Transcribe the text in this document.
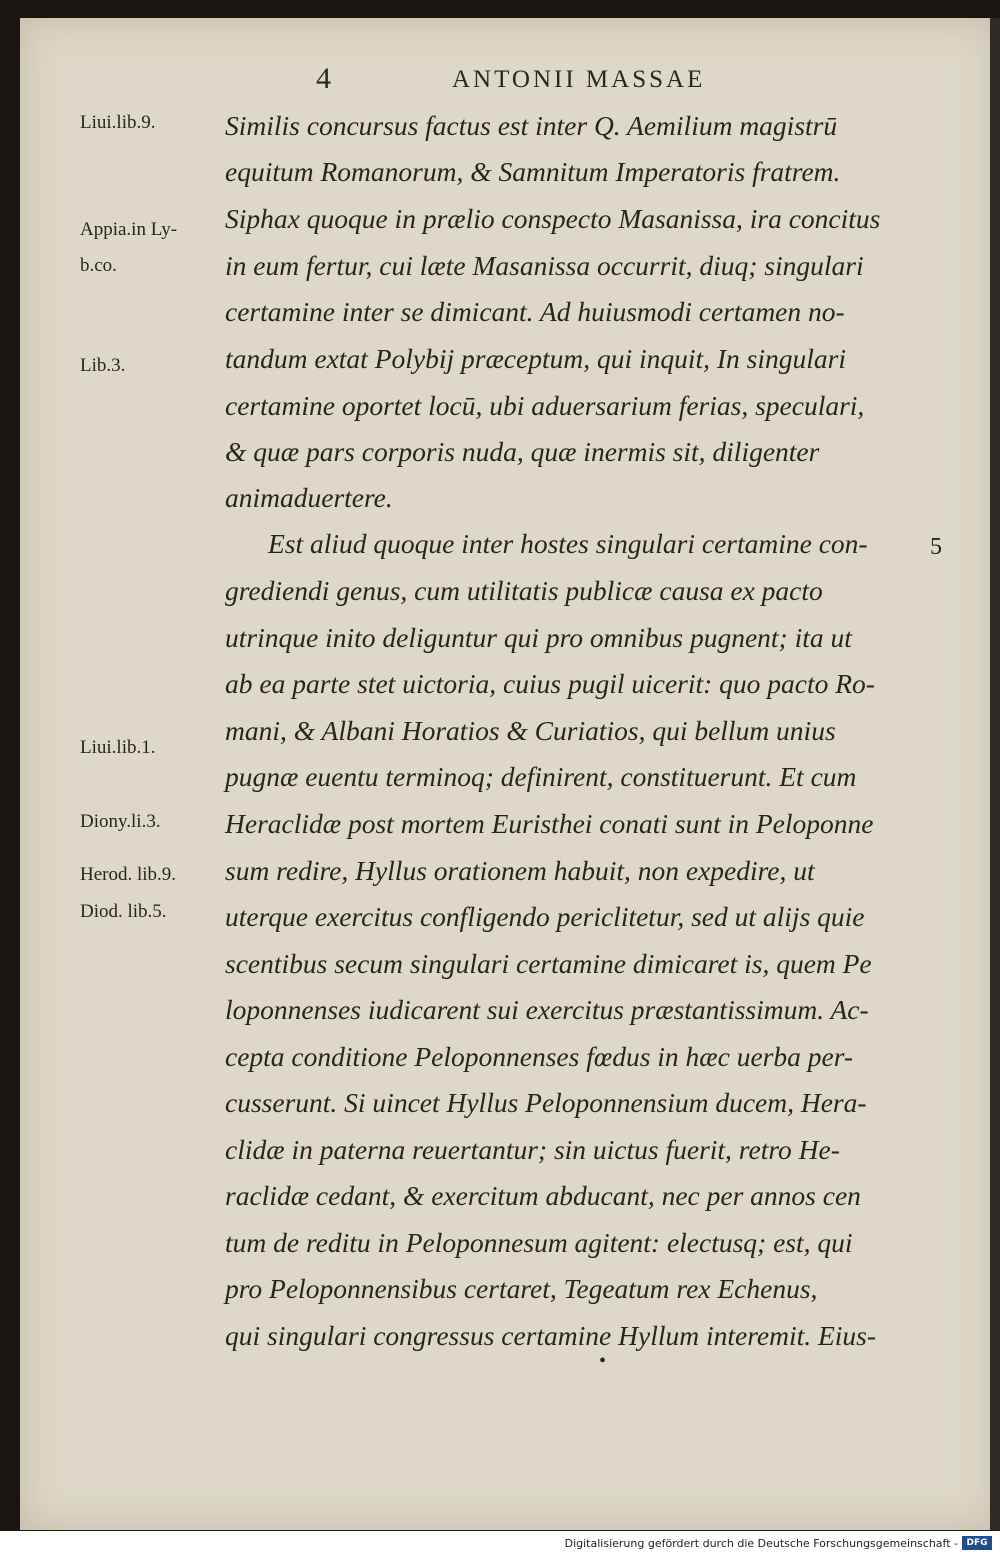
4	ANTONII MASSAE
Liui.lib.9.
Appia.in Ly-
b.co.
Lib.3.
Liui.lib.1.
Diony.li.3.
Herod. lib.9.
Diod. lib.5.
5
Similis concursus factus est inter Q. Aemilium magistrū
equitum Romanorum, & Samnitum Imperatoris fratrem.
Siphax quoque in prælio conspecto Masanissa, ira concitus
in eum fertur, cui læte Masanissa occurrit, diuq; singulari
certamine inter se dimicant. Ad huiusmodi certamen no-
tandum extat Polybij præceptum, qui inquit, In singulari
certamine oportet locū, ubi aduersarium ferias, speculari,
& quæ pars corporis nuda, quæ inermis sit, diligenter
animaduertere.
Est aliud quoque inter hostes singulari certamine con-
grediendi genus, cum utilitatis publicæ causa ex pacto
utrinque inito deliguntur qui pro omnibus pugnent; ita ut
ab ea parte stet uictoria, cuius pugil uicerit: quo pacto Ro-
mani, & Albani Horatios & Curiatios, qui bellum unius
pugnæ euentu terminoq; definirent, constituerunt. Et cum
Heraclidæ post mortem Euristhei conati sunt in Peloponne
sum redire, Hyllus orationem habuit, non expedire, ut
uterque exercitus confligendo periclitetur, sed ut alijs quie
scentibus secum singulari certamine dimicaret is, quem Pe
loponnenses iudicarent sui exercitus præstantissimum. Ac-
cepta conditione Peloponnenses fœdus in hæc uerba per-
cusserunt. Si uincet Hyllus Peloponnensium ducem, Hera-
clidæ in paterna reuertantur; sin uictus fuerit, retro He-
raclidæ cedant, & exercitum abducant, nec per annos cen
tum de reditu in Peloponnesum agitent: electusq; est, qui
pro Peloponnensibus certaret, Tegeatum rex Echenus,
qui singulari congressus certamine Hyllum interemit. Eius-
•
Digitalisierung gefördert durch die Deutsche Forschungsgemeinschaft - DFG
